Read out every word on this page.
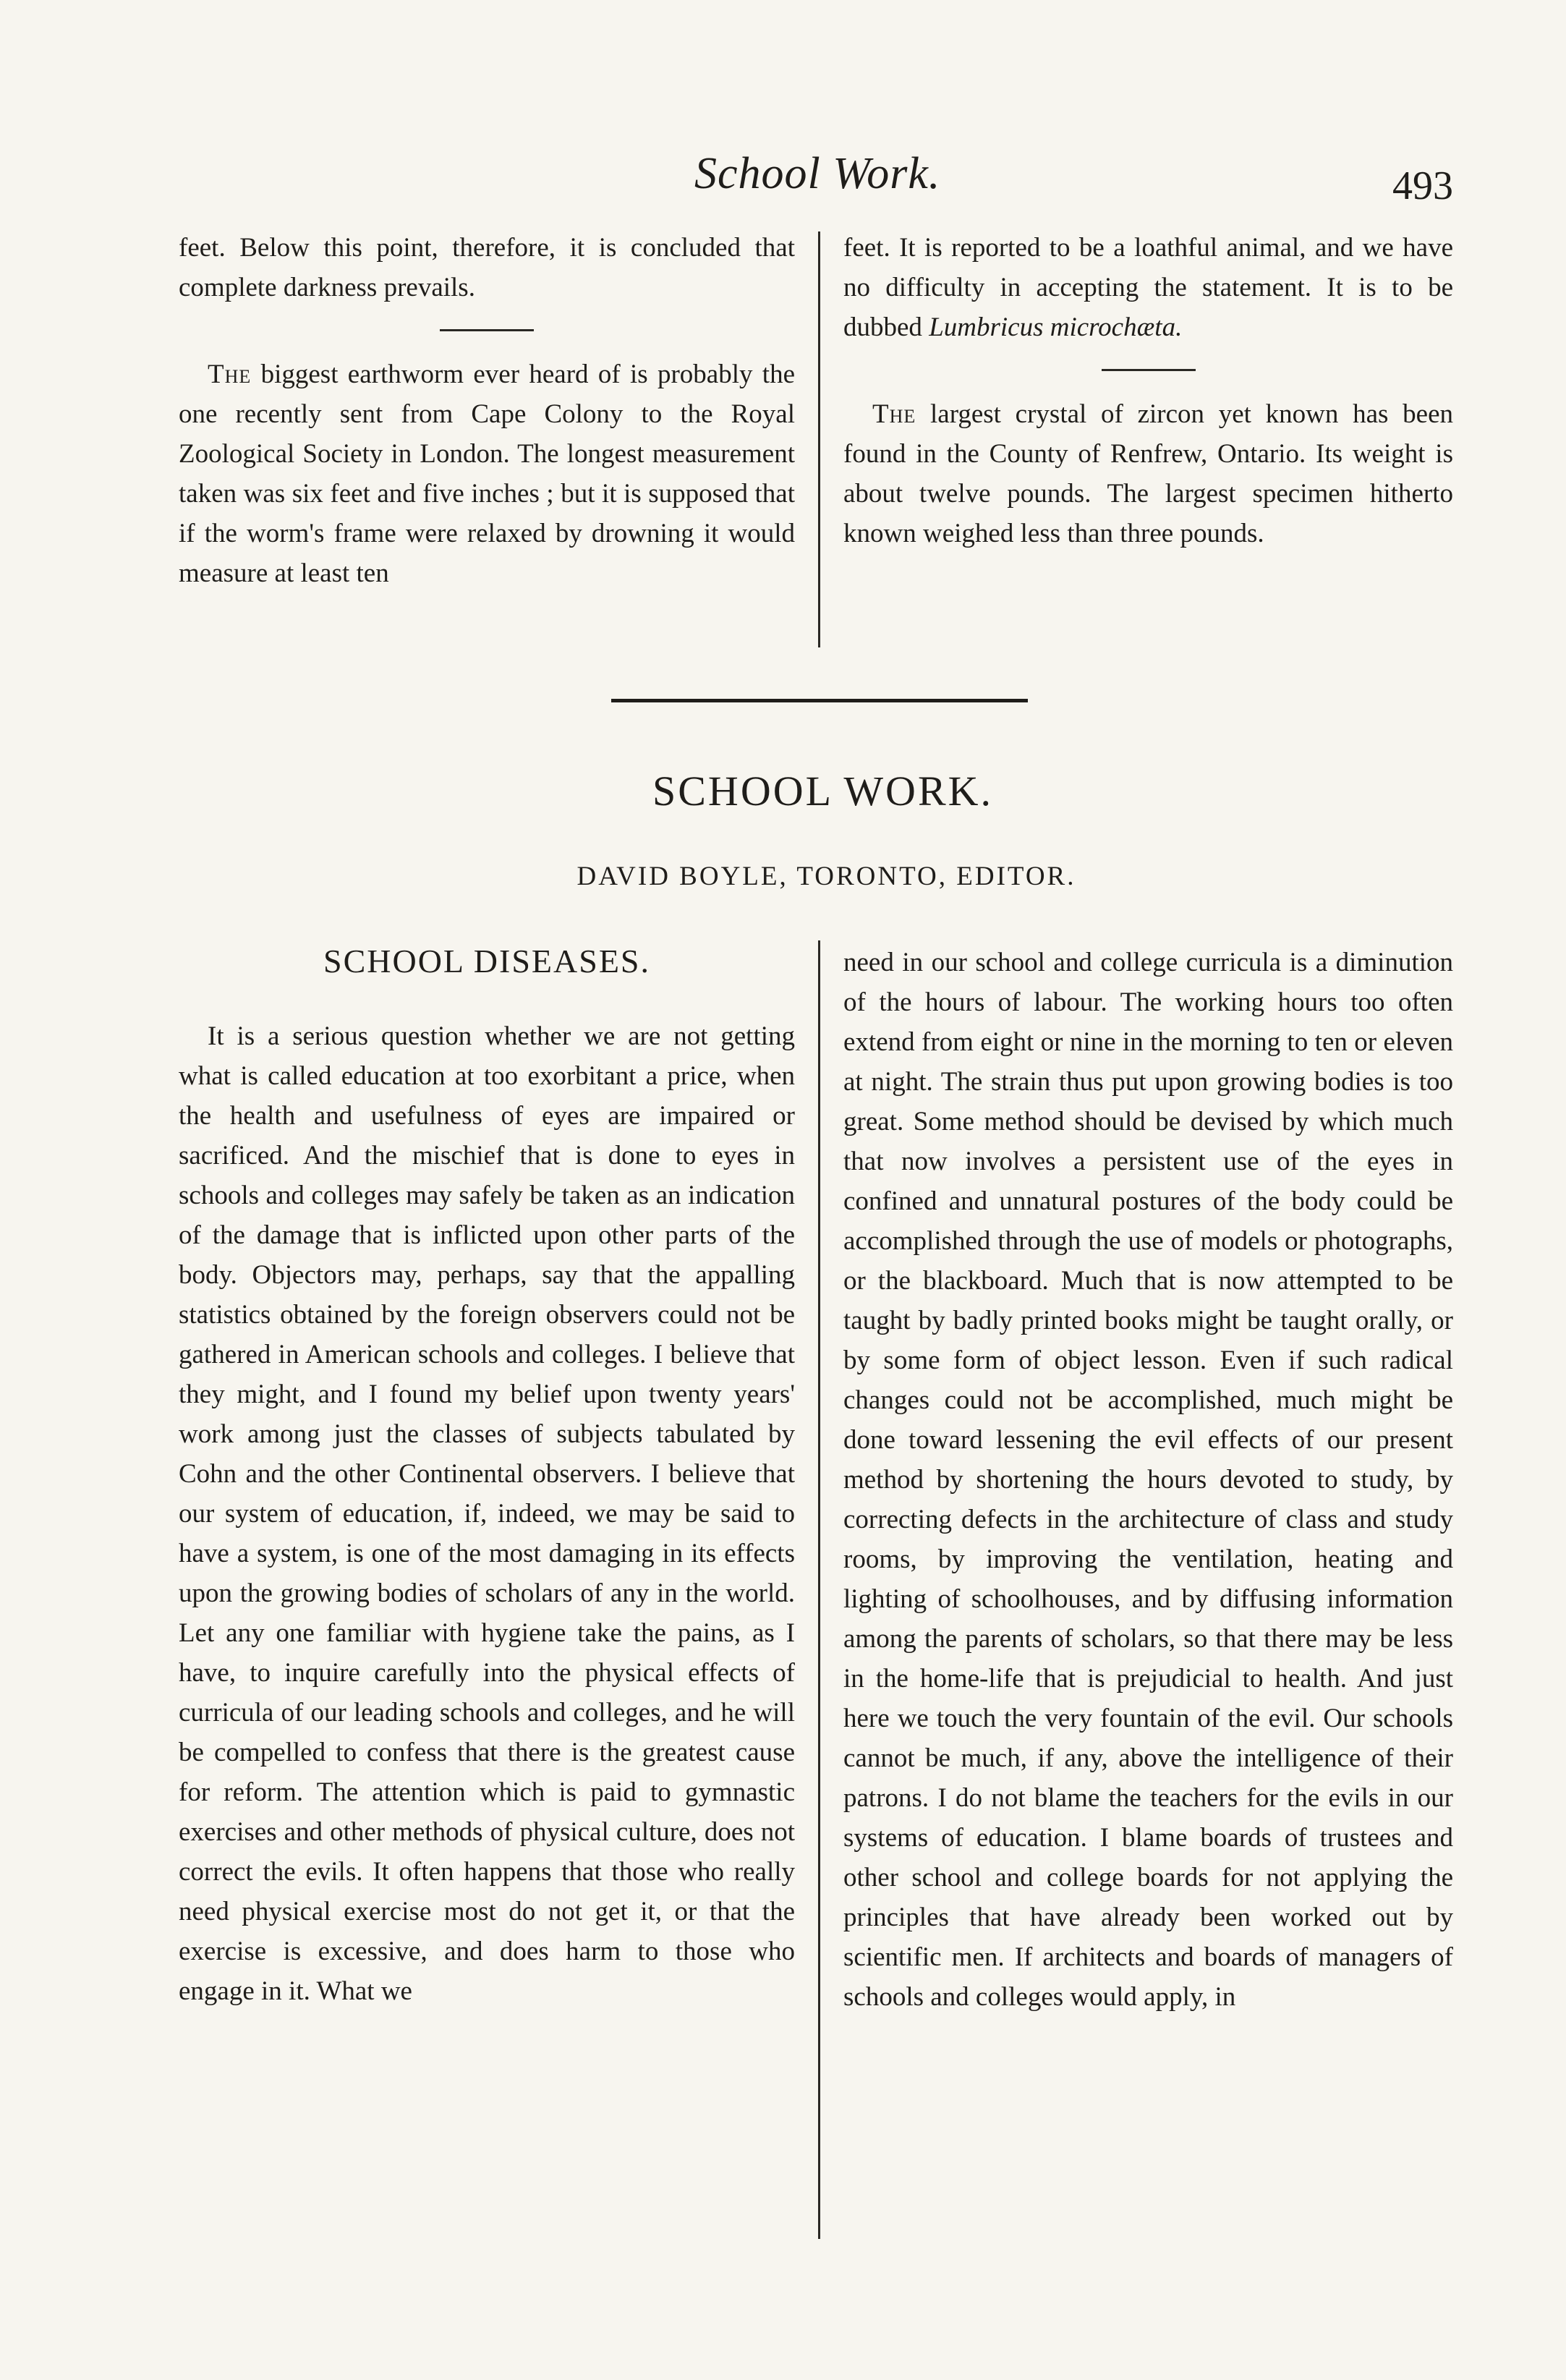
School Work.	493

feet. Below this point, therefore, it is concluded that complete darkness prevails.

The biggest earthworm ever heard of is probably the one recently sent from Cape Colony to the Royal Zoological Society in London. The longest measurement taken was six feet and five inches ; but it is supposed that if the worm's frame were relaxed by drowning it would measure at least ten

feet. It is reported to be a loathful animal, and we have no difficulty in accepting the statement. It is to be dubbed Lumbricus microchæta.

The largest crystal of zircon yet known has been found in the County of Renfrew, Ontario. Its weight is about twelve pounds. The largest specimen hitherto known weighed less than three pounds.

SCHOOL WORK.
DAVID BOYLE, TORONTO, EDITOR.
SCHOOL DISEASES.

It is a serious question whether we are not getting what is called education at too exorbitant a price, when the health and usefulness of eyes are impaired or sacrificed. And the mischief that is done to eyes in schools and colleges may safely be taken as an indication of the damage that is inflicted upon other parts of the body. Objectors may, perhaps, say that the appalling statistics obtained by the foreign observers could not be gathered in American schools and colleges. I believe that they might, and I found my belief upon twenty years' work among just the classes of subjects tabulated by Cohn and the other Continental observers. I believe that our system of education, if, indeed, we may be said to have a system, is one of the most damaging in its effects upon the growing bodies of scholars of any in the world. Let any one familiar with hygiene take the pains, as I have, to inquire carefully into the physical effects of curricula of our leading schools and colleges, and he will be compelled to confess that there is the greatest cause for reform. The attention which is paid to gymnastic exercises and other methods of physical culture, does not correct the evils. It often happens that those who really need physical exercise most do not get it, or that the exercise is excessive, and does harm to those who engage in it. What we

need in our school and college curricula is a diminution of the hours of labour. The working hours too often extend from eight or nine in the morning to ten or eleven at night. The strain thus put upon growing bodies is too great. Some method should be devised by which much that now involves a persistent use of the eyes in confined and unnatural postures of the body could be accomplished through the use of models or photographs, or the blackboard. Much that is now attempted to be taught by badly printed books might be taught orally, or by some form of object lesson. Even if such radical changes could not be accomplished, much might be done toward lessening the evil effects of our present method by shortening the hours devoted to study, by correcting defects in the architecture of class and study rooms, by improving the ventilation, heating and lighting of schoolhouses, and by diffusing information among the parents of scholars, so that there may be less in the home-life that is prejudicial to health. And just here we touch the very fountain of the evil. Our schools cannot be much, if any, above the intelligence of their patrons. I do not blame the teachers for the evils in our systems of education. I blame boards of trustees and other school and college boards for not applying the principles that have already been worked out by scientific men. If architects and boards of managers of schools and colleges would apply, in
